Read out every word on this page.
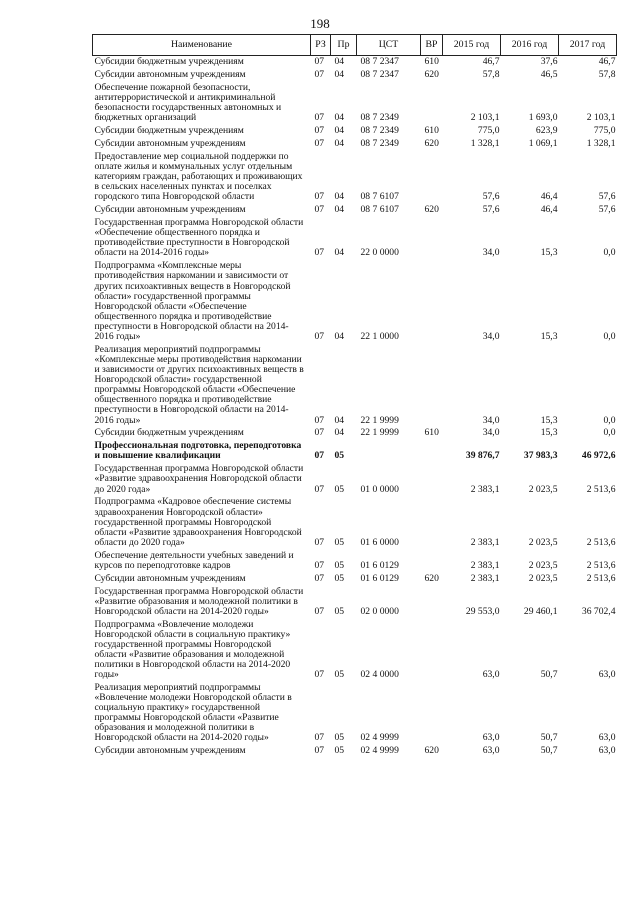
198
Наименование	РЗ	Пр	ЦСТ	ВР	2015 год	2016 год	2017 год
Субсидии бюджетным учреждениям	07	04	08 7 2347	610	46,7	37,6	46,7
Субсидии автономным учреждениям	07	04	08 7 2347	620	57,8	46,5	57,8
Обеспечение пожарной безопасности, антитеррористической и антикриминальной безопасности государственных автономных и бюджетных организаций	07	04	08 7 2349		2 103,1	1 693,0	2 103,1
Субсидии бюджетным учреждениям	07	04	08 7 2349	610	775,0	623,9	775,0
Субсидии автономным учреждениям	07	04	08 7 2349	620	1 328,1	1 069,1	1 328,1
Предоставление мер социальной поддержки по оплате жилья и коммунальных услуг отдельным категориям граждан, работающих и проживающих в сельских населенных пунктах и поселках городского типа Новгородской области	07	04	08 7 6107		57,6	46,4	57,6
Субсидии автономным учреждениям	07	04	08 7 6107	620	57,6	46,4	57,6
Государственная программа Новгородской области «Обеспечение общественного порядка и противодействие преступности в Новгородской области на 2014-2016 годы»	07	04	22 0 0000		34,0	15,3	0,0
Подпрограмма «Комплексные меры противодействия наркомании и зависимости от других психоактивных веществ в Новгородской области» государственной программы Новгородской области «Обеспечение общественного порядка и противодействие преступности в Новгородской области на 2014-2016 годы»	07	04	22 1 0000		34,0	15,3	0,0
Реализация мероприятий подпрограммы «Комплексные меры противодействия наркомании и зависимости от других психоактивных веществ в Новгородской области» государственной программы Новгородской области «Обеспечение общественного порядка и противодействие преступности в Новгородской области на 2014-2016 годы»	07	04	22 1 9999		34,0	15,3	0,0
Субсидии бюджетным учреждениям	07	04	22 1 9999	610	34,0	15,3	0,0
Профессиональная подготовка, переподготовка и повышение квалификации	07	05			39 876,7	37 983,3	46 972,6
Государственная программа Новгородской области «Развитие здравоохранения Новгородской области до 2020 года»	07	05	01 0 0000		2 383,1	2 023,5	2 513,6
Подпрограмма «Кадровое обеспечение системы здравоохранения Новгородской области» государственной программы Новгородской области «Развитие здравоохранения Новгородской области до 2020 года»	07	05	01 6 0000		2 383,1	2 023,5	2 513,6
Обеспечение деятельности учебных заведений и курсов по переподготовке кадров	07	05	01 6 0129		2 383,1	2 023,5	2 513,6
Субсидии автономным учреждениям	07	05	01 6 0129	620	2 383,1	2 023,5	2 513,6
Государственная программа Новгородской области «Развитие образования и молодежной политики в Новгородской области на 2014-2020 годы»	07	05	02 0 0000		29 553,0	29 460,1	36 702,4
Подпрограмма «Вовлечение молодежи Новгородской области в социальную практику» государственной программы Новгородской области «Развитие образования и молодежной политики в Новгородской области на 2014-2020 годы»	07	05	02 4 0000		63,0	50,7	63,0
Реализация мероприятий подпрограммы «Вовлечение молодежи Новгородской области в социальную практику» государственной программы Новгородской области «Развитие образования и молодежной политики в Новгородской области на 2014-2020 годы»	07	05	02 4 9999		63,0	50,7	63,0
Субсидии автономным учреждениям	07	05	02 4 9999	620	63,0	50,7	63,0
